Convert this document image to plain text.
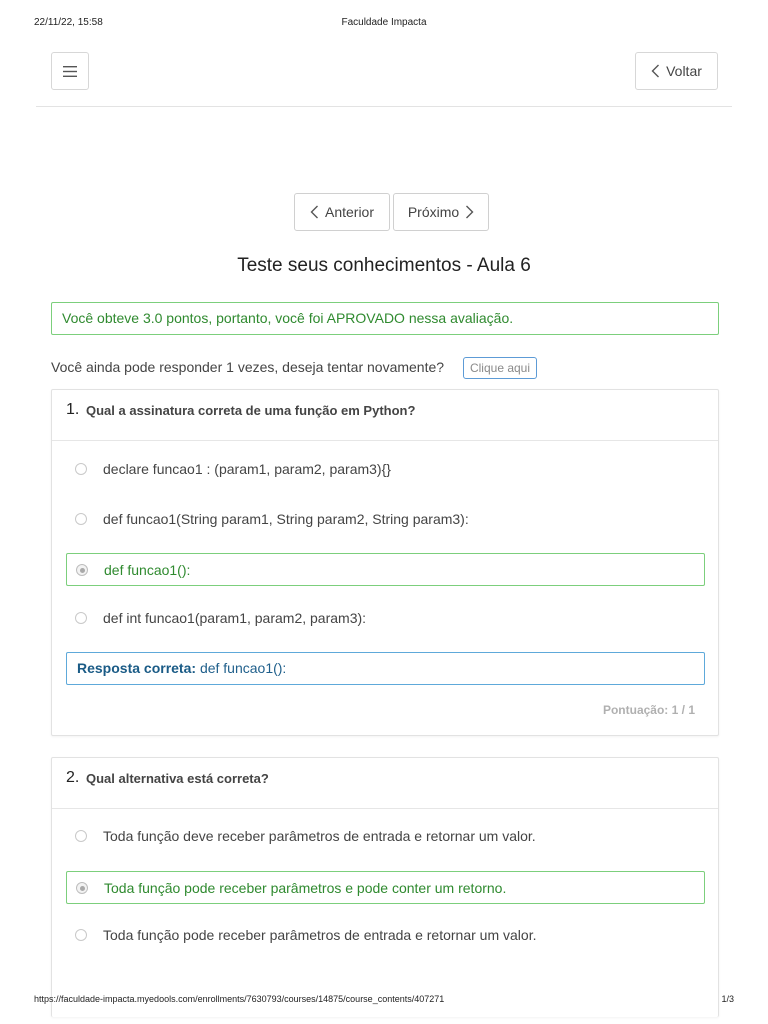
22/11/22, 15:58	Faculdade Impacta
Voltar
Anterior Próximo
Teste seus conhecimentos - Aula 6
Você obteve 3.0 pontos, portanto, você foi APROVADO nessa avaliação.
Você ainda pode responder 1 vezes, deseja tentar novamente?	Clique aqui
1. Qual a assinatura correta de uma função em Python?
declare funcao1 : (param1, param2, param3){}
def funcao1(String param1, String param2, String param3):
def funcao1():
def int funcao1(param1, param2, param3):
Resposta correta: def funcao1():
Pontuação: 1 / 1
2. Qual alternativa está correta?
Toda função deve receber parâmetros de entrada e retornar um valor.
Toda função pode receber parâmetros e pode conter um retorno.
Toda função pode receber parâmetros de entrada e retornar um valor.
https://faculdade-impacta.myedools.com/enrollments/7630793/courses/14875/course_contents/407271	1/3
